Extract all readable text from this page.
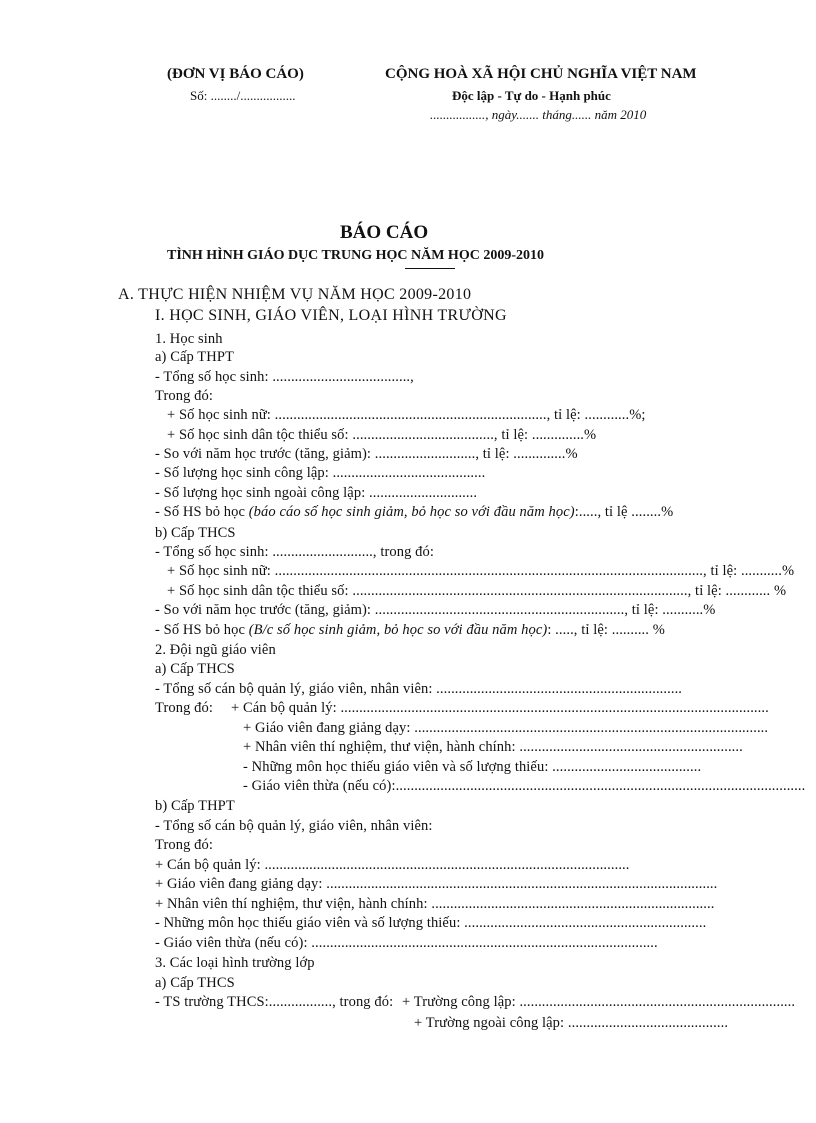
(ĐƠN VỊ BÁO CÁO)
Số: ......../.................
CỘNG HOÀ XÃ HỘI CHỦ NGHĨA VIỆT NAM
Độc lập - Tự do - Hạnh phúc
................., ngày....... tháng...... năm 2010
BÁO CÁO
TÌNH HÌNH GIÁO DỤC TRUNG HỌC NĂM HỌC 2009-2010
A. THỰC HIỆN NHIỆM VỤ NĂM HỌC 2009-2010
I. HỌC SINH, GIÁO VIÊN, LOẠI HÌNH TRƯỜNG
1. Học sinh
a) Cấp THPT
- Tổng số học sinh: .....................................,
Trong đó:
+ Số học sinh nữ: ........................................................................., tỉ lệ: ............%;
+ Số học sinh dân tộc thiểu số: ......................................, tỉ lệ: ..............%
- So với năm học trước (tăng, giảm): ..........................., tỉ lệ: ..............%
- Số lượng học sinh công lập: .........................................
- Số lượng học sinh ngoài công lập: .............................
- Số HS bỏ học (báo cáo số học sinh giảm, bỏ học so với đầu năm học):....., tỉ lệ ........%
b) Cấp THCS
- Tổng số học sinh: ..........................., trong đó:
+ Số học sinh nữ: ..................................................................................................................., tỉ lệ: ...........%
+ Số học sinh dân tộc thiểu số: .........................................................................................., tỉ lệ: ............ %
- So với năm học trước (tăng, giảm): ..................................................................., tỉ lệ: ...........%
- Số HS bỏ học (B/c số học sinh giảm, bỏ học so với đầu năm học): ....., tỉ lệ: .......... %
2. Đội ngũ giáo viên
a) Cấp THCS
- Tổng số cán bộ quản lý, giáo viên, nhân viên: ..................................................................
Trong đó: + Cán bộ quản lý: ...................................................................................................................
+ Giáo viên đang giảng dạy: ...............................................................................................
+ Nhân viên thí nghiệm, thư viện, hành chính: ............................................................
- Những môn học thiếu giáo viên và số lượng thiếu: ........................................
- Giáo viên thừa (nếu có):..............................................................................................................
b) Cấp THPT
- Tổng số cán bộ quản lý, giáo viên, nhân viên:
Trong đó:
+ Cán bộ quản lý: ..................................................................................................
+ Giáo viên đang giảng dạy: .........................................................................................................
+ Nhân viên thí nghiệm, thư viện, hành chính: ............................................................................
- Những môn học thiếu giáo viên và số lượng thiếu: .................................................................
- Giáo viên thừa (nếu có): .............................................................................................
3. Các loại hình trường lớp
a) Cấp THCS
- TS trường THCS:................., trong đó: + Trường công lập: ..........................................................................
+ Trường ngoài công lập: ...........................................
